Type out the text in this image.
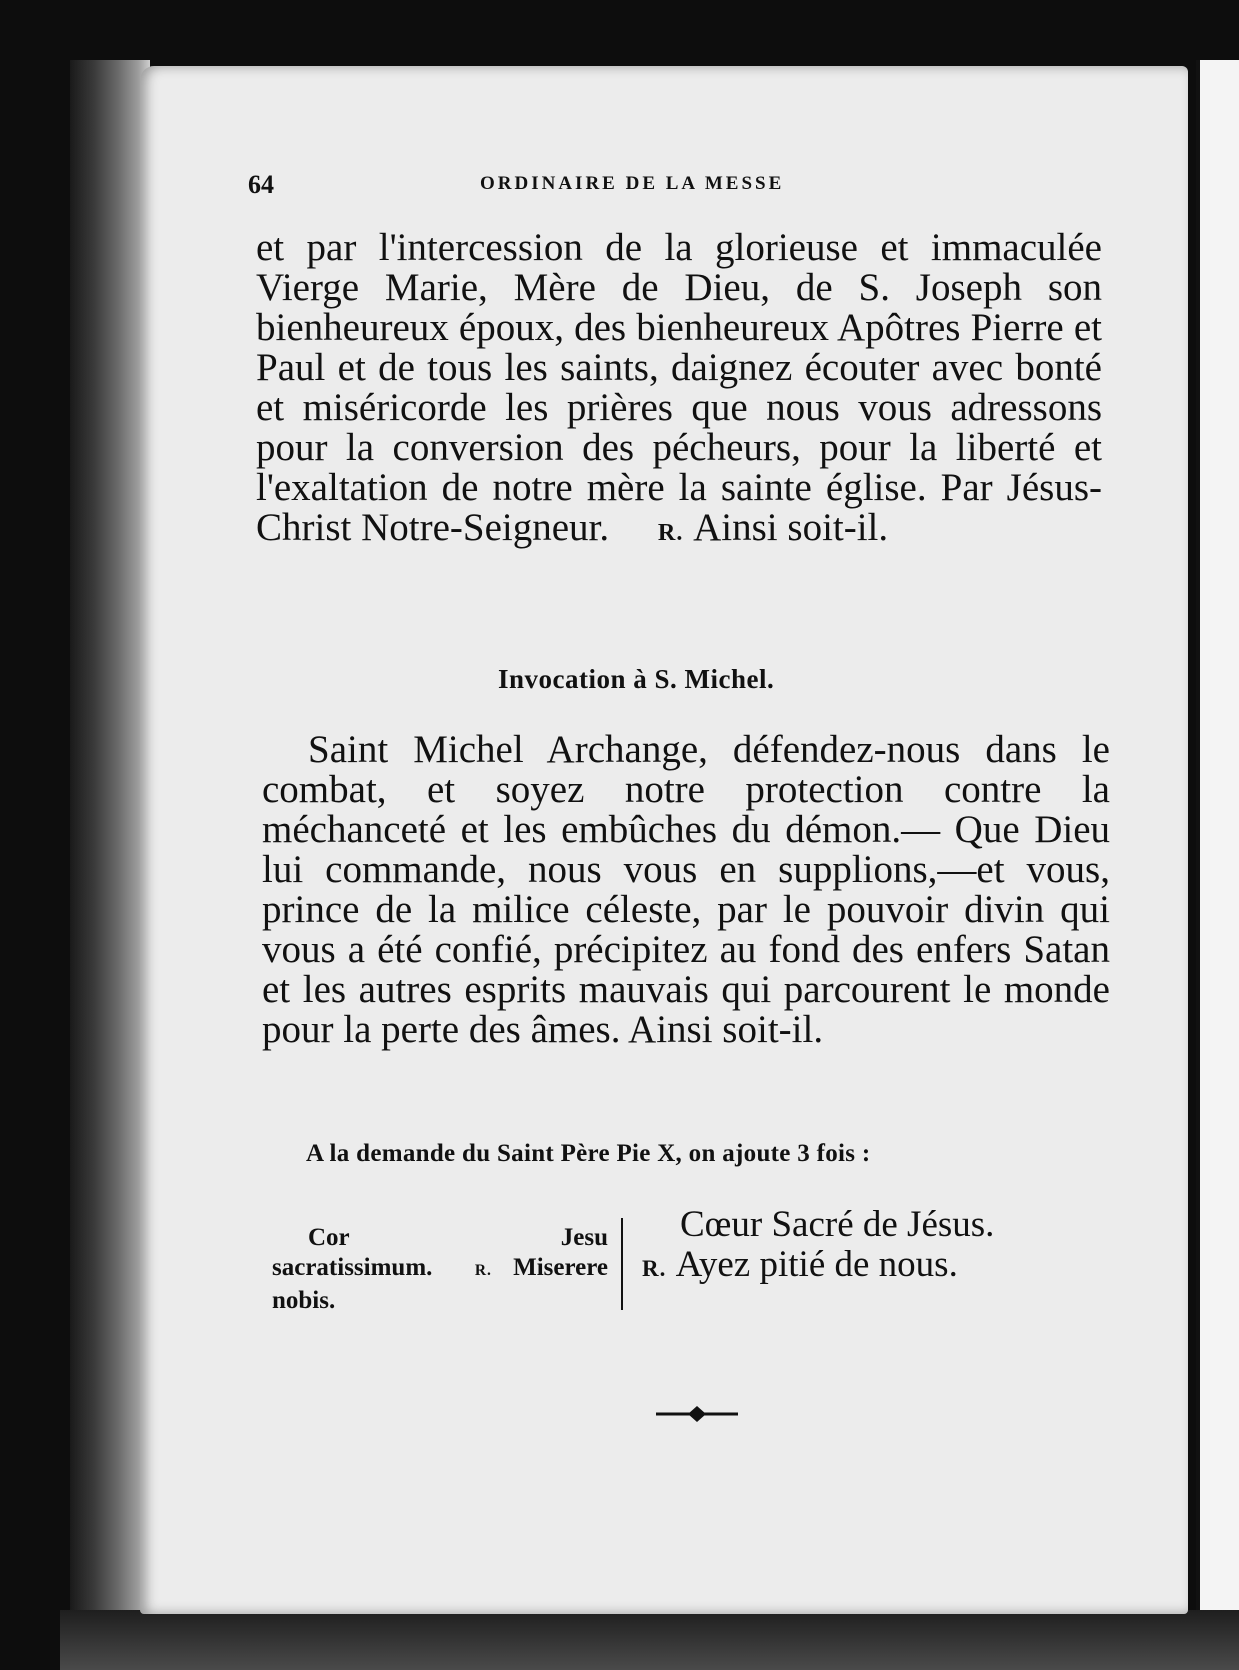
64	ORDINAIRE DE LA MESSE

et par l'intercession de la glorieuse et immaculée Vierge Marie, Mère de Dieu, de S. Joseph son bienheureux époux, des bienheureux Apôtres Pierre et Paul et de tous les saints, daignez écouter avec bonté et miséricorde les prières que nous vous adressons pour la conversion des pécheurs, pour la liberté et l'exaltation de notre mère la sainte église. Par Jésus-Christ Notre-Seigneur. R. Ainsi soit-il.

Invocation à S. Michel.

Saint Michel Archange, défendez-nous dans le combat, et soyez notre protection contre la méchanceté et les embûches du démon.— Que Dieu lui commande, nous vous en supplions,—et vous, prince de la milice céleste, par le pouvoir divin qui vous a été confié, précipitez au fond des enfers Satan et les autres esprits mauvais qui parcourent le monde pour la perte des âmes. Ainsi soit-il.

A la demande du Saint Père Pie X, on ajoute 3 fois :
Cor Jesu sacratissimum.	R. Miserere nobis.
Cœur Sacré de Jésus.
R. Ayez pitié de nous.
